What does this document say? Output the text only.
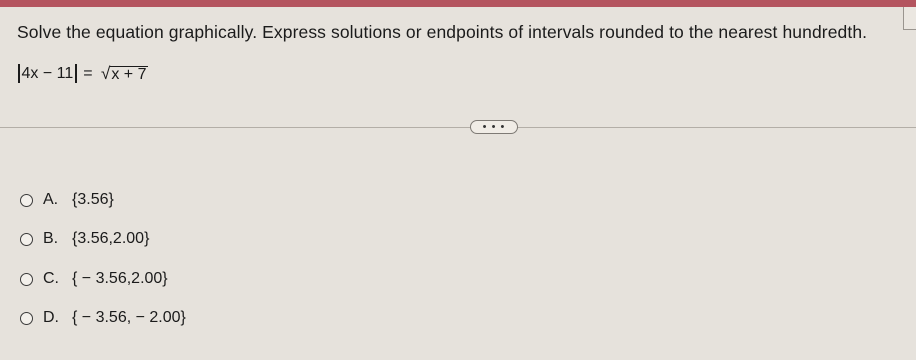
Solve the equation graphically. Express solutions or endpoints of intervals rounded to the nearest hundredth.
4x − 11 = √ x + 7
• • •
A. {3.56}
B. {3.56,2.00}
C. { − 3.56,2.00}
D. { − 3.56, − 2.00}
